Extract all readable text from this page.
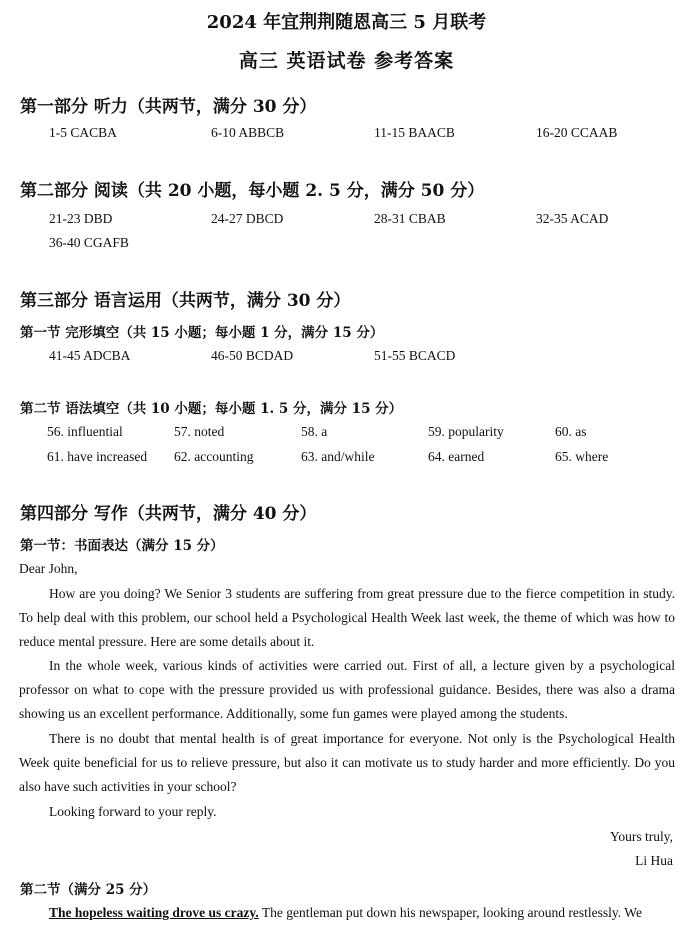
2024 年宜荆荆随恩高三 5 月联考
高三 英语试卷 参考答案
第一部分 听力（共两节，满分 30 分）
1-5 CACBA	6-10 ABBCB	11-15 BAACB	16-20 CCAAB
第二部分 阅读（共 20 小题，每小题 2. 5 分，满分 50 分）
21-23 DBD	24-27 DBCD	28-31 CBAB	32-35 ACAD
36-40 CGAFB
第三部分 语言运用（共两节，满分 30 分）
第一节 完形填空（共 15 小题；每小题 1 分，满分 15 分）
41-45 ADCBA	46-50 BCDAD	51-55 BCACD
第二节 语法填空（共 10 小题；每小题 1. 5 分，满分 15 分）
56. influential	57. noted	58. a	59. popularity	60. as
61. have increased 62. accounting	63. and/while	64. earned	65. where
第四部分 写作（共两节，满分 40 分）
第一节：书面表达（满分 15 分）
Dear John,
How are you doing? We Senior 3 students are suffering from great pressure due to the fierce competition in study. To help deal with this problem, our school held a Psychological Health Week last week, the theme of which was how to reduce mental pressure. Here are some details about it.
In the whole week, various kinds of activities were carried out. First of all, a lecture given by a psychological professor on what to cope with the pressure provided us with professional guidance. Besides, there was also a drama showing us an excellent performance. Additionally, some fun games were played among the students.
There is no doubt that mental health is of great importance for everyone. Not only is the Psychological Health Week quite beneficial for us to relieve pressure, but also it can motivate us to study harder and more efficiently. Do you also have such activities in your school?
Looking forward to your reply.
Yours truly,
Li Hua
第二节（满分 25 分）
The hopeless waiting drove us crazy. The gentleman put down his newspaper, looking around restlessly. We
